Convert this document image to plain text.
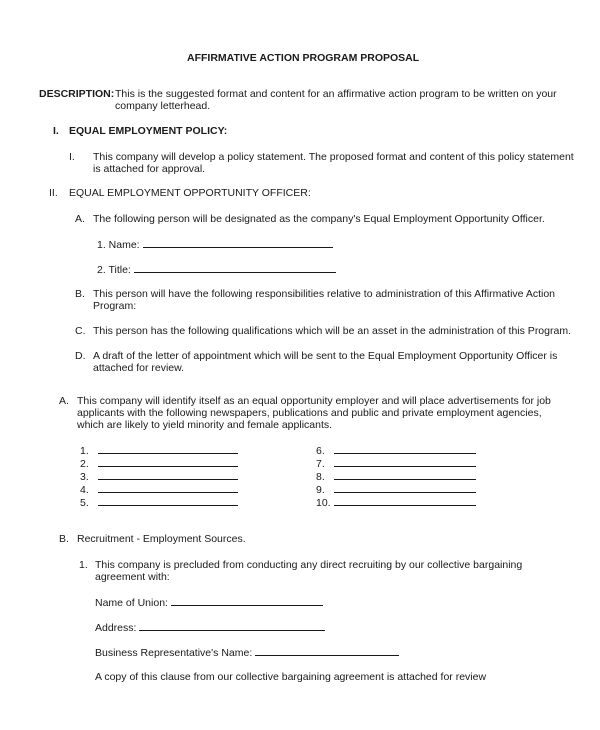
AFFIRMATIVE ACTION PROGRAM PROPOSAL
DESCRIPTION: This is the suggested format and content for an affirmative action program to be written on your
company letterhead.
I. EQUAL EMPLOYMENT POLICY:
I. This company will develop a policy statement. The proposed format and content of this policy statement
is attached for approval.
II. EQUAL EMPLOYMENT OPPORTUNITY OFFICER:
A. The following person will be designated as the company's Equal Employment Opportunity Officer.
1. Name:
2. Title:
B. This person will have the following responsibilities relative to administration of this Affirmative Action
Program:
C. This person has the following qualifications which will be an asset in the administration of this Program.
D. A draft of the letter of appointment which will be sent to the Equal Employment Opportunity Officer is
attached for review.
A. This company will identify itself as an equal opportunity employer and will place advertisements for job
applicants with the following newspapers, publications and public and private employment agencies,
which are likely to yield minority and female applicants.
1.
2.
3.
4.
5.
6.
7.
8.
9.
10.
B. Recruitment - Employment Sources.
1. This company is precluded from conducting any direct recruiting by our collective bargaining
agreement with:
Name of Union:
Address:
Business Representative's Name:
A copy of this clause from our collective bargaining agreement is attached for review
